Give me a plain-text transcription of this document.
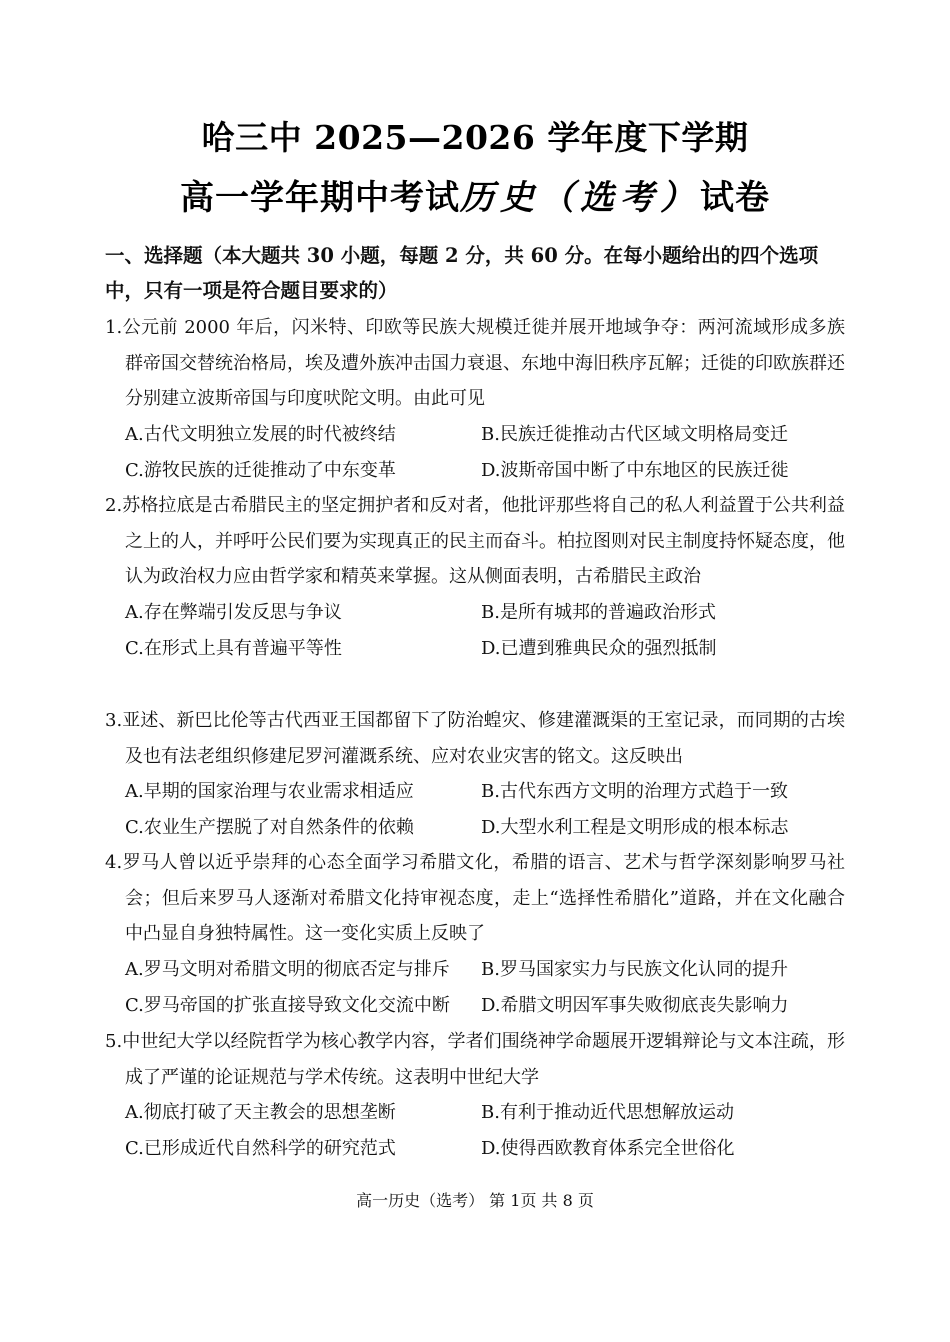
哈三中 2025—2026 学年度下学期
高一学年期中考试历史（选考）试卷
一、选择题（本大题共 30 小题，每题 2 分，共 60 分。在每小题给出的四个选项中，只有一项是符合题目要求的）
1.公元前 2000 年后，闪米特、印欧等民族大规模迁徙并展开地域争夺：两河流域形成多族群帝国交替统治格局，埃及遭外族冲击国力衰退、东地中海旧秩序瓦解；迁徙的印欧族群还分别建立波斯帝国与印度吠陀文明。由此可见
A.古代文明独立发展的时代被终结	B.民族迁徙推动古代区域文明格局变迁
C.游牧民族的迁徙推动了中东变革	D.波斯帝国中断了中东地区的民族迁徙
2.苏格拉底是古希腊民主的坚定拥护者和反对者，他批评那些将自己的私人利益置于公共利益之上的人，并呼吁公民们要为实现真正的民主而奋斗。柏拉图则对民主制度持怀疑态度，他认为政治权力应由哲学家和精英来掌握。这从侧面表明，古希腊民主政治
A.存在弊端引发反思与争议	B.是所有城邦的普遍政治形式
C.在形式上具有普遍平等性	D.已遭到雅典民众的强烈抵制
3.亚述、新巴比伦等古代西亚王国都留下了防治蝗灾、修建灌溉渠的王室记录，而同期的古埃及也有法老组织修建尼罗河灌溉系统、应对农业灾害的铭文。这反映出
A.早期的国家治理与农业需求相适应	B.古代东西方文明的治理方式趋于一致
C.农业生产摆脱了对自然条件的依赖	D.大型水利工程是文明形成的根本标志
4.罗马人曾以近乎崇拜的心态全面学习希腊文化，希腊的语言、艺术与哲学深刻影响罗马社会；但后来罗马人逐渐对希腊文化持审视态度，走上“选择性希腊化”道路，并在文化融合中凸显自身独特属性。这一变化实质上反映了
A.罗马文明对希腊文明的彻底否定与排斥	B.罗马国家实力与民族文化认同的提升
C.罗马帝国的扩张直接导致文化交流中断	D.希腊文明因军事失败彻底丧失影响力
5.中世纪大学以经院哲学为核心教学内容，学者们围绕神学命题展开逻辑辩论与文本注疏，形成了严谨的论证规范与学术传统。这表明中世纪大学
A.彻底打破了天主教会的思想垄断	B.有利于推动近代思想解放运动
C.已形成近代自然科学的研究范式	D.使得西欧教育体系完全世俗化
高一历史（选考） 第 1页 共 8 页
